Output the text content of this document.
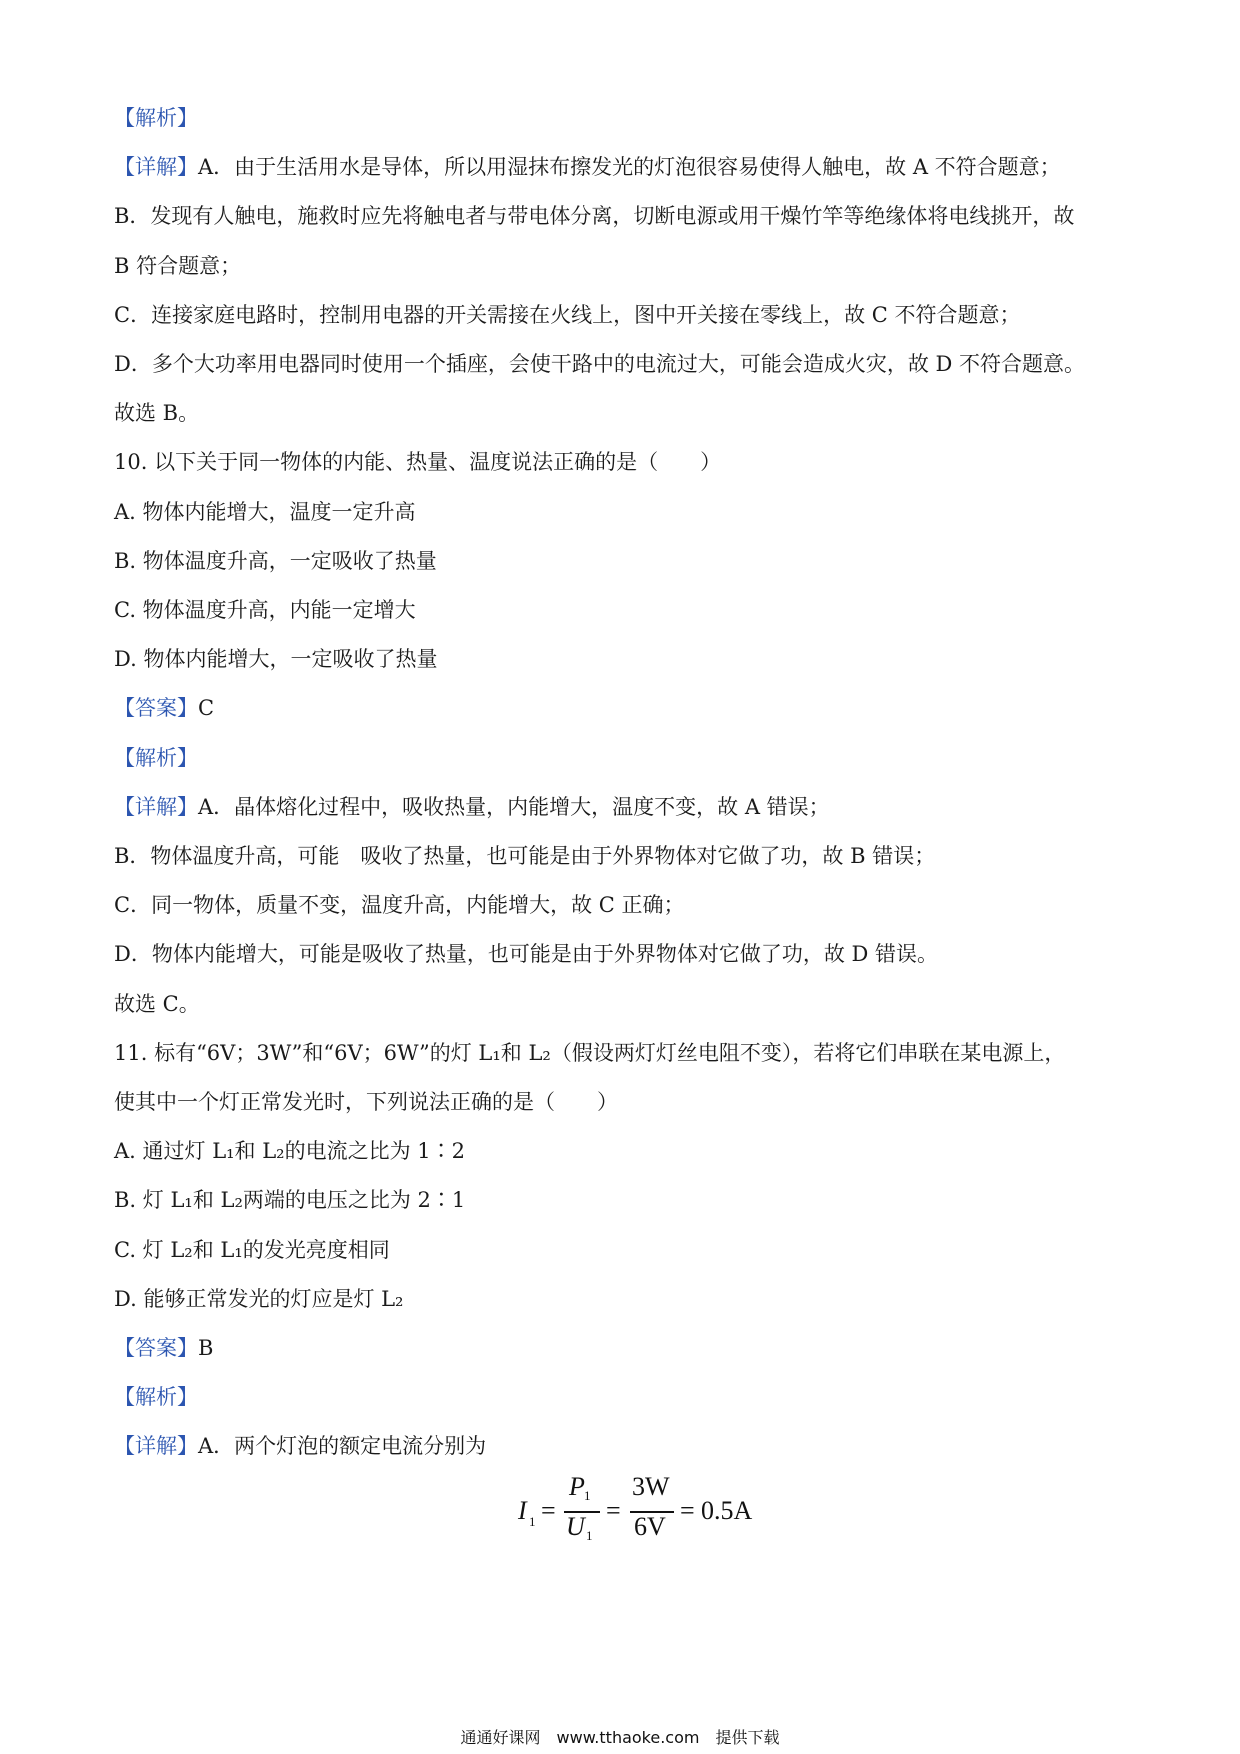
【解析】
【详解】A．由于生活用水是导体，所以用湿抹布擦发光的灯泡很容易使得人触电，故 A 不符合题意；
B．发现有人触电，施救时应先将触电者与带电体分离，切断电源或用干燥竹竿等绝缘体将电线挑开，故
B 符合题意；
C．连接家庭电路时，控制用电器的开关需接在火线上，图中开关接在零线上，故 C 不符合题意；
D．多个大功率用电器同时使用一个插座，会使干路中的电流过大，可能会造成火灾，故 D 不符合题意。
故选 B。
10. 以下关于同一物体的内能、热量、温度说法正确的是（　　）
A. 物体内能增大，温度一定升高
B. 物体温度升高，一定吸收了热量
C. 物体温度升高，内能一定增大
D. 物体内能增大，一定吸收了热量
【答案】C
【解析】
【详解】A．晶体熔化过程中，吸收热量，内能增大，温度不变，故 A 错误；
B．物体温度升高，可能　吸收了热量，也可能是由于外界物体对它做了功，故 B 错误；
C．同一物体，质量不变，温度升高，内能增大，故 C 正确；
D．物体内能增大，可能是吸收了热量，也可能是由于外界物体对它做了功，故 D 错误。
故选 C。
11. 标有“6V；3W”和“6V；6W”的灯 L₁和 L₂（假设两灯灯丝电阻不变），若将它们串联在某电源上，
使其中一个灯正常发光时，下列说法正确的是（　　）
A. 通过灯 L₁和 L₂的电流之比为 1∶2
B. 灯 L₁和 L₂两端的电压之比为 2∶1
C. 灯 L₂和 L₁的发光亮度相同
D. 能够正常发光的灯应是灯 L₂
【答案】B
【解析】
【详解】A．两个灯泡的额定电流分别为
I 1 =
P 1
U 1
=
3W
6V
= 0.5A
通通好课网　www.tthaoke.com　提供下载
